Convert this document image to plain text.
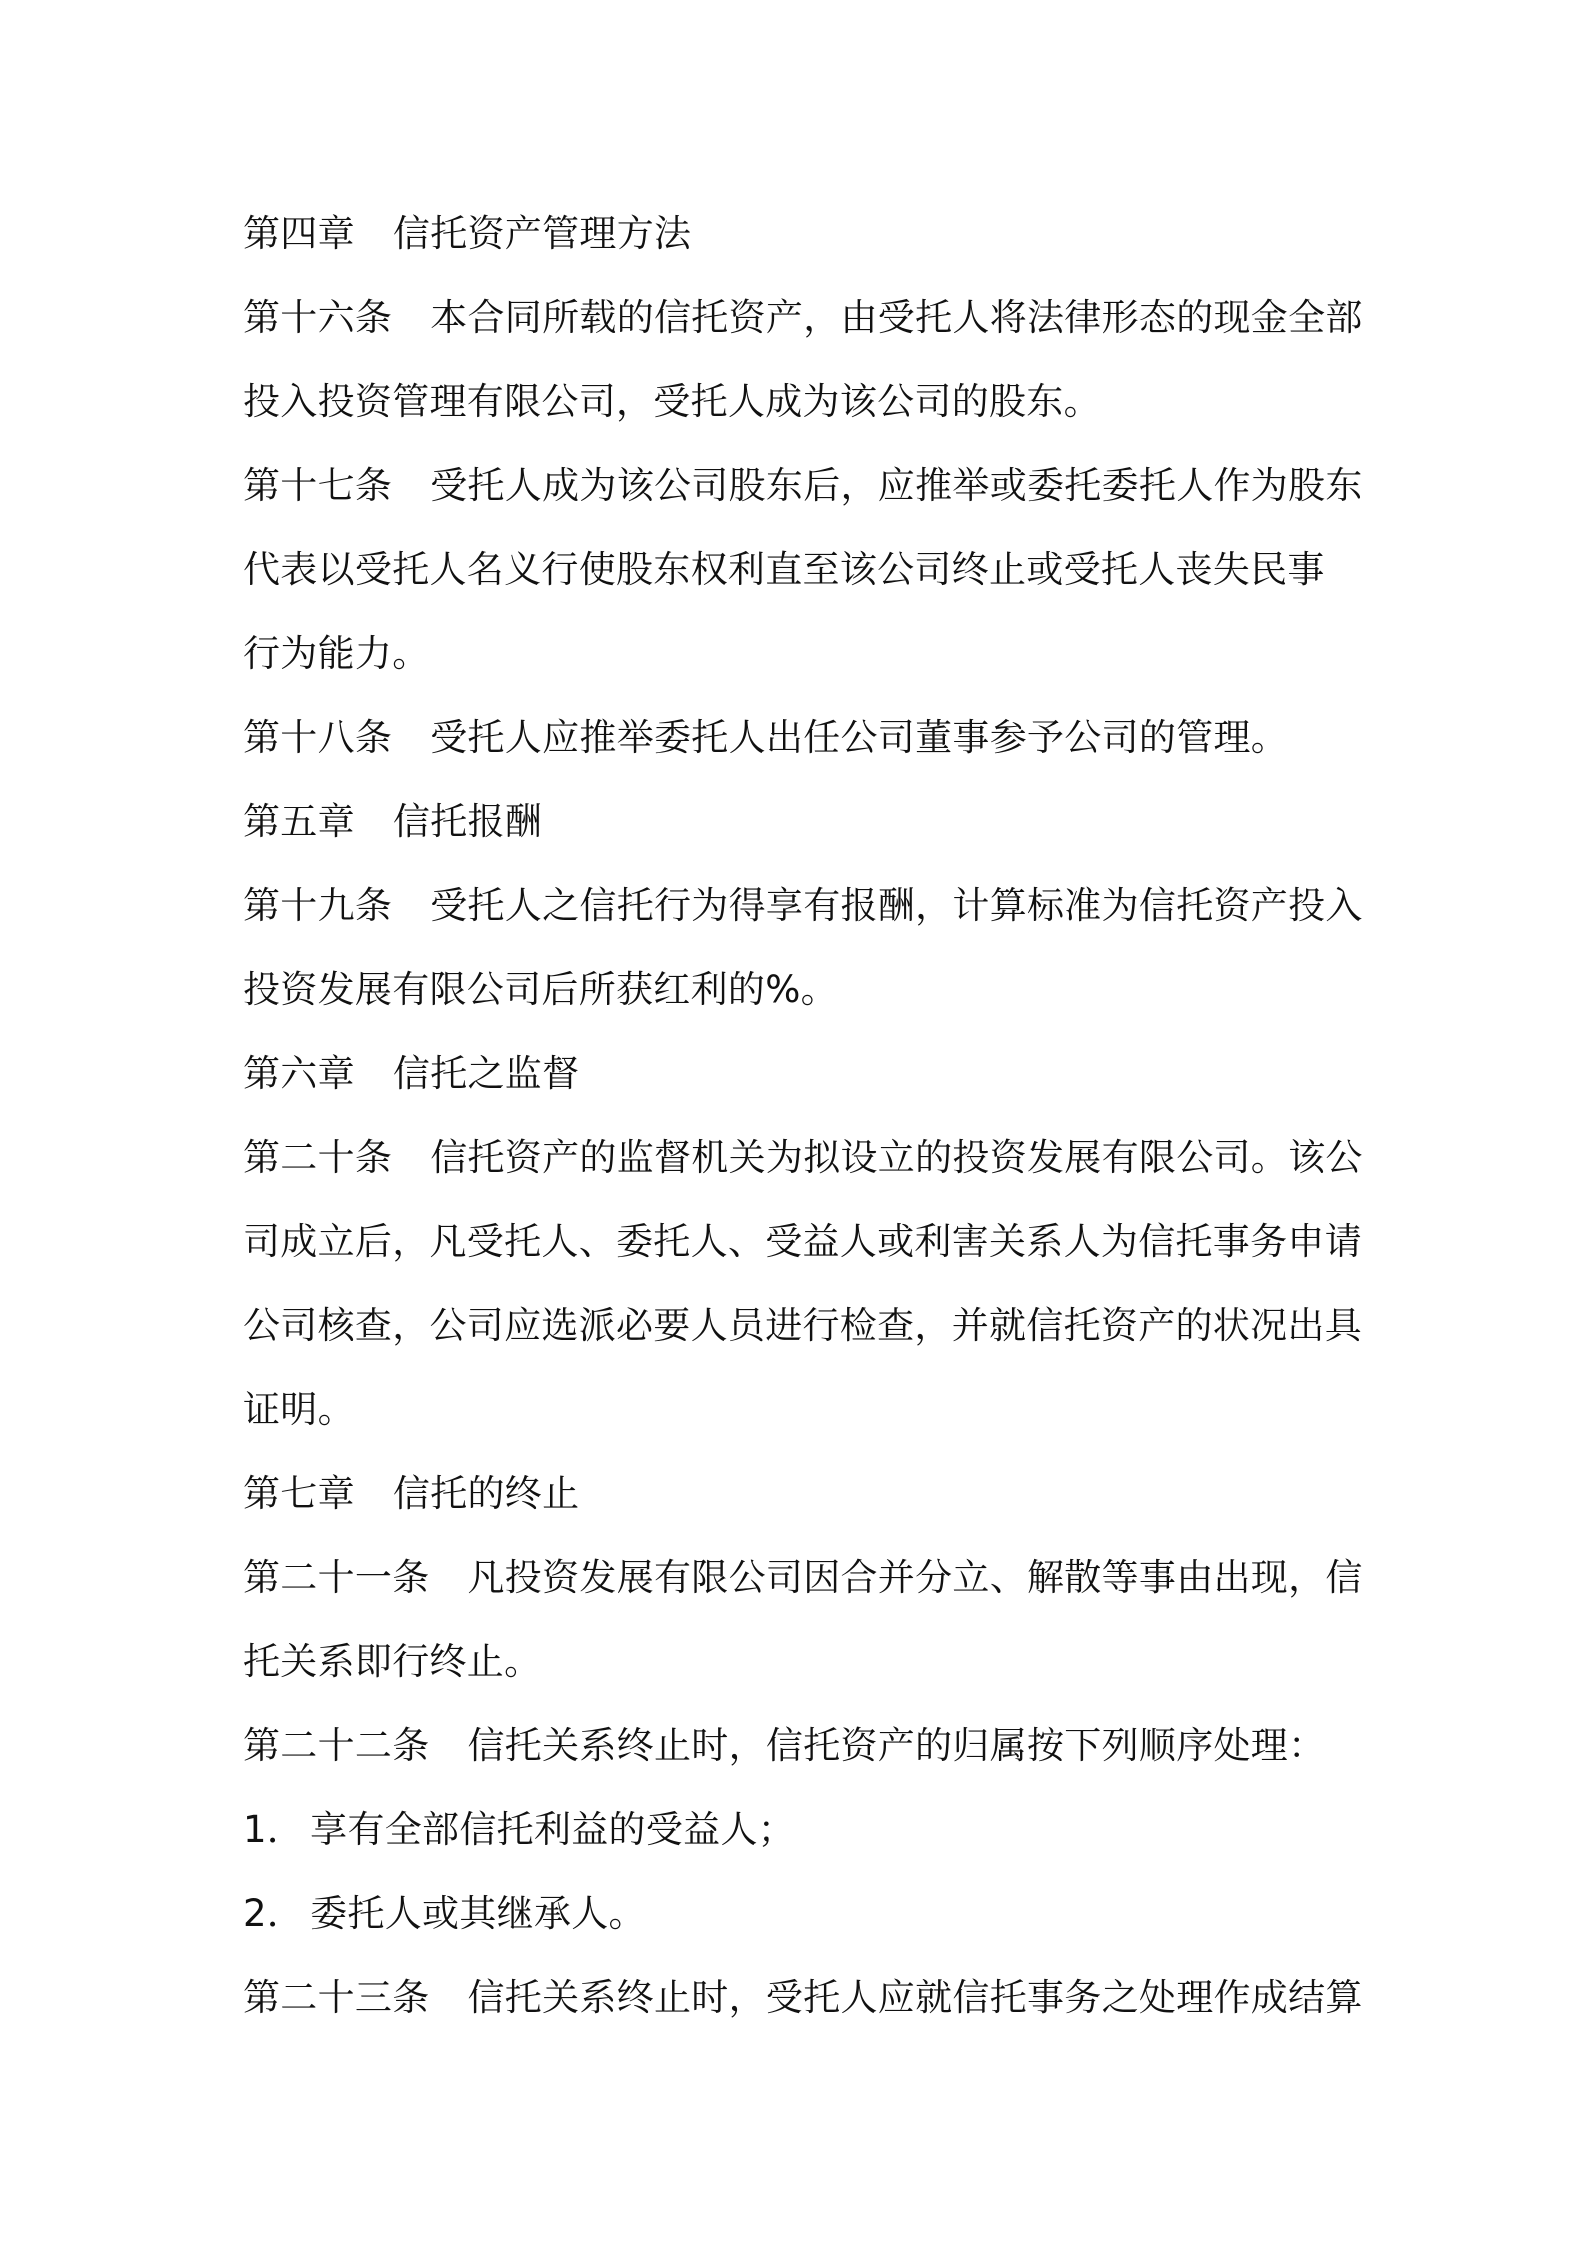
第四章 信托资产管理方法
第十六条 本合同所载的信托资产，由受托人将法律形态的现金全部
投入投资管理有限公司，受托人成为该公司的股东。
第十七条 受托人成为该公司股东后，应推举或委托委托人作为股东
代表以受托人名义行使股东权利直至该公司终止或受托人丧失民事
行为能力。
第十八条 受托人应推举委托人出任公司董事参予公司的管理。
第五章 信托报酬
第十九条 受托人之信托行为得享有报酬，计算标准为信托资产投入
投资发展有限公司后所获红利的%。
第六章 信托之监督
第二十条 信托资产的监督机关为拟设立的投资发展有限公司。该公
司成立后，凡受托人、委托人、受益人或利害关系人为信托事务申请
公司核查，公司应选派必要人员进行检查，并就信托资产的状况出具
证明。
第七章 信托的终止
第二十一条 凡投资发展有限公司因合并分立、解散等事由出现，信
托关系即行终止。
第二十二条 信托关系终止时，信托资产的归属按下列顺序处理：
1． 享有全部信托利益的受益人；
2． 委托人或其继承人。
第二十三条 信托关系终止时，受托人应就信托事务之处理作成结算
